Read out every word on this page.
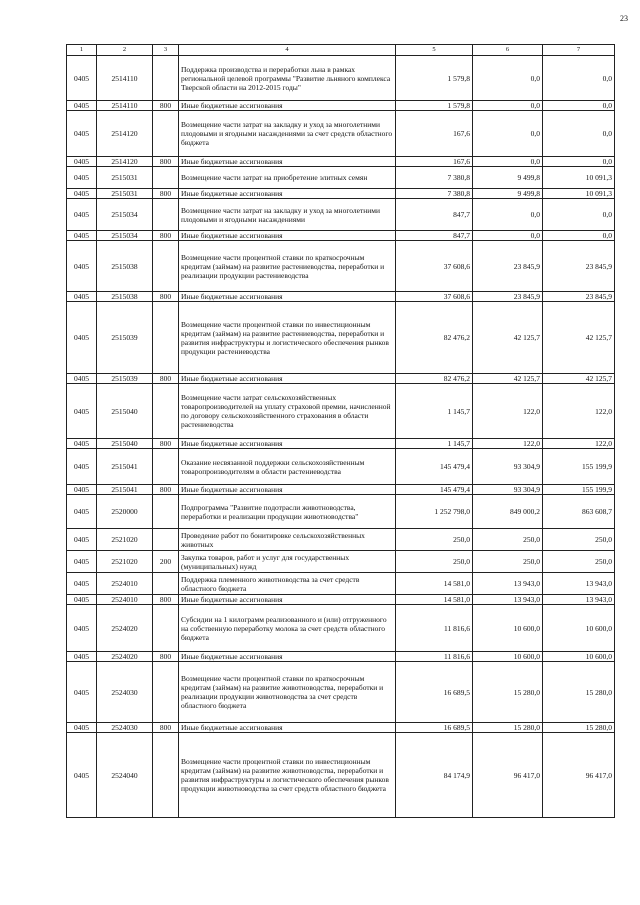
23
1	2	3	4	5	6	7
0405	2514110		Поддержка производства и переработки льна в рамках региональной целевой программы "Развитие льняного комплекса Тверской области на 2012-2015 годы"	1 579,8	0,0	0,0
0405	2514110	800	Иные бюджетные ассигнования	1 579,8	0,0	0,0
0405	2514120		Возмещение части затрат на закладку и уход за многолетними плодовыми и ягодными насаждениями за счет средств областного бюджета	167,6	0,0	0,0
0405	2514120	800	Иные бюджетные ассигнования	167,6	0,0	0,0
0405	2515031		Возмещение части затрат на приобретение элитных семян	7 380,8	9 499,8	10 091,3
0405	2515031	800	Иные бюджетные ассигнования	7 380,8	9 499,8	10 091,3
0405	2515034		Возмещение части затрат на закладку и уход за многолетними плодовыми и ягодными насаждениями	847,7	0,0	0,0
0405	2515034	800	Иные бюджетные ассигнования	847,7	0,0	0,0
0405	2515038		Возмещение части процентной ставки по краткосрочным кредитам (займам) на развитие растениеводства, переработки и реализации продукции растениеводства	37 608,6	23 845,9	23 845,9
0405	2515038	800	Иные бюджетные ассигнования	37 608,6	23 845,9	23 845,9
0405	2515039		Возмещение части процентной ставки по инвестиционным кредитам (займам) на развитие растениеводства, переработки и развития инфраструктуры и логистического обеспечения рынков продукции растениеводства	82 476,2	42 125,7	42 125,7
0405	2515039	800	Иные бюджетные ассигнования	82 476,2	42 125,7	42 125,7
0405	2515040		Возмещение части затрат сельскохозяйственных товаропроизводителей на уплату страховой премии, начисленной по договору сельскохозяйственного страхования в области растениеводства	1 145,7	122,0	122,0
0405	2515040	800	Иные бюджетные ассигнования	1 145,7	122,0	122,0
0405	2515041		Оказание несвязанной поддержки сельскохозяйственным товаропроизводителям в области растениеводства	145 479,4	93 304,9	155 199,9
0405	2515041	800	Иные бюджетные ассигнования	145 479,4	93 304,9	155 199,9
0405	2520000		Подпрограмма "Развитие подотрасли животноводства, переработки и реализации продукции животноводства"	1 252 798,0	849 000,2	863 608,7
0405	2521020		Проведение работ по бонитировке сельскохозяйственных животных	250,0	250,0	250,0
0405	2521020	200	Закупка товаров, работ и услуг для государственных (муниципальных) нужд	250,0	250,0	250,0
0405	2524010		Поддержка племенного животноводства за счет средств областного бюджета	14 581,0	13 943,0	13 943,0
0405	2524010	800	Иные бюджетные ассигнования	14 581,0	13 943,0	13 943,0
0405	2524020		Субсидии на 1 килограмм реализованного и (или) отгруженного на собственную переработку молока за счет средств областного бюджета	11 816,6	10 600,0	10 600,0
0405	2524020	800	Иные бюджетные ассигнования	11 816,6	10 600,0	10 600,0
0405	2524030		Возмещение части процентной ставки по краткосрочным кредитам (займам) на развитие животноводства, переработки и реализации продукции животноводства за счет средств областного бюджета	16 689,5	15 280,0	15 280,0
0405	2524030	800	Иные бюджетные ассигнования	16 689,5	15 280,0	15 280,0
0405	2524040		Возмещение части процентной ставки по инвестиционным кредитам (займам) на развитие животноводства, переработки и развития инфраструктуры и логистического обеспечения рынков продукции животноводства за счет средств областного бюджета	84 174,9	96 417,0	96 417,0
